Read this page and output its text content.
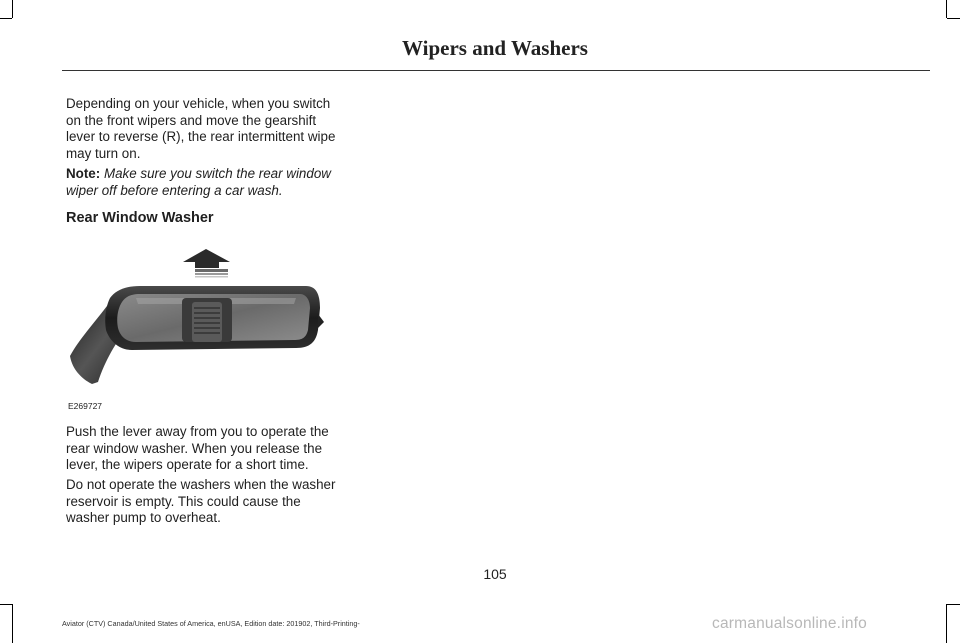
Wipers and Washers

Depending on your vehicle, when you switch on the front wipers and move the gearshift lever to reverse (R), the rear intermittent wipe may turn on.

Note: Make sure you switch the rear window wiper off before entering a car wash.

Rear Window Washer
E269727

Push the lever away from you to operate the rear window washer. When you release the lever, the wipers operate for a short time.

Do not operate the washers when the washer reservoir is empty. This could cause the washer pump to overheat.

105
Aviator (CTV) Canada/United States of America, enUSA, Edition date: 201902, Third-Printing-	carmanualsonline.info
